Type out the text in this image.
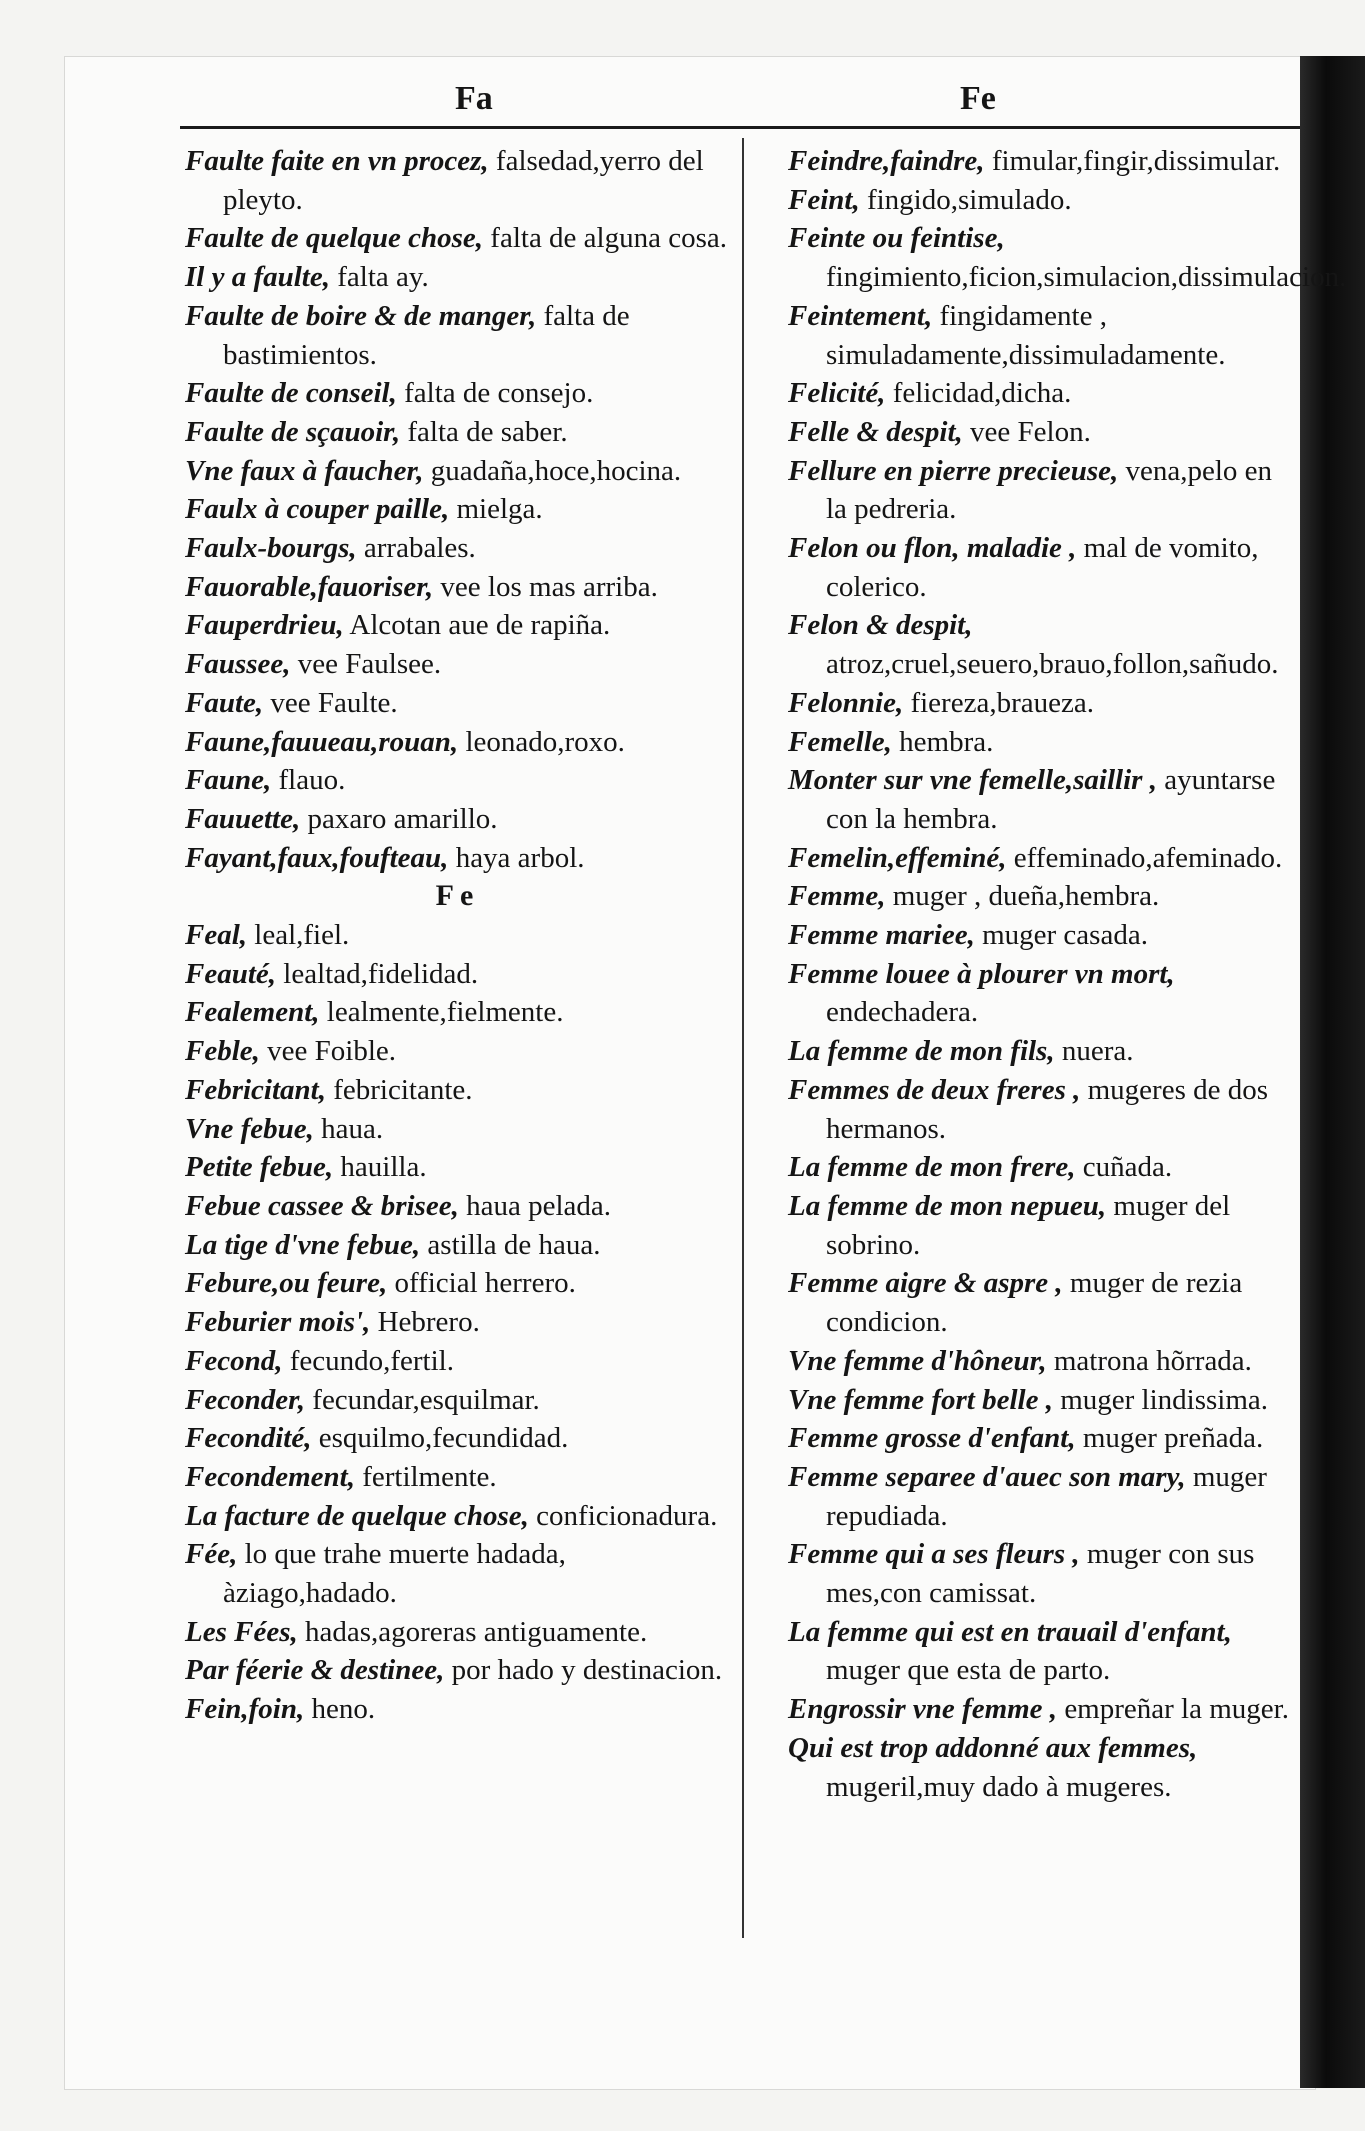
Fa	Fe

Faulte faite en vn procez, falsedad,yerro del pleyto.

Faulte de quelque chose, falta de alguna cosa.

Il y a faulte, falta ay.

Faulte de boire & de manger, falta de bastimientos.

Faulte de conseil, falta de consejo.

Faulte de sçauoir, falta de saber.

Vne faux à faucher, guadaña,hoce,hocina.

Faulx à couper paille, mielga.

Faulx-bourgs, arrabales.

Fauorable,fauoriser, vee los mas arriba.

Fauperdrieu, Alcotan aue de rapiña.

Faussee, vee Faulsee.

Faute, vee Faulte.

Faune,fauueau,rouan, leonado,roxo.

Faune, flauo.

Fauuette, paxaro amarillo.

Fayant,faux,foufteau, haya arbol.

Fe

Feal, leal,fiel.

Feauté, lealtad,fidelidad.

Fealement, lealmente,fielmente.

Feble, vee Foible.

Febricitant, febricitante.

Vne febue, haua.

Petite febue, hauilla.

Febue cassee & brisee, haua pelada.

La tige d'vne febue, astilla de haua.

Febure,ou feure, official herrero.

Feburier mois', Hebrero.

Fecond, fecundo,fertil.

Feconder, fecundar,esquilmar.

Fecondité, esquilmo,fecundidad.

Fecondement, fertilmente.

La facture de quelque chose, conficionadura.

Fée, lo que trahe muerte hadada, àziago,hadado.

Les Fées, hadas,agoreras antiguamente.

Par féerie & destinee, por hado y destinacion.

Fein,foin, heno.

Feindre,faindre, fimular,fingir,dissimular.

Feint, fingido,simulado.

Feinte ou feintise, fingimiento,ficion,simulacion,dissimulacion.

Feintement, fingidamente , simuladamente,dissimuladamente.

Felicité, felicidad,dicha.

Felle & despit, vee Felon.

Fellure en pierre precieuse, vena,pelo en la pedreria.

Felon ou flon, maladie , mal de vomito, colerico.

Felon & despit, atroz,cruel,seuero,brauo,follon,sañudo.

Felonnie, fiereza,braueza.

Femelle, hembra.

Monter sur vne femelle,saillir , ayuntarse con la hembra.

Femelin,effeminé, effeminado,afeminado.

Femme, muger , dueña,hembra.

Femme mariee, muger casada.

Femme louee à plourer vn mort, endechadera.

La femme de mon fils, nuera.

Femmes de deux freres , mugeres de dos hermanos.

La femme de mon frere, cuñada.

La femme de mon nepueu, muger del sobrino.

Femme aigre & aspre , muger de rezia condicion.

Vne femme d'hôneur, matrona hõrrada.

Vne femme fort belle , muger lindissima.

Femme grosse d'enfant, muger preñada.

Femme separee d'auec son mary, muger repudiada.

Femme qui a ses fleurs , muger con sus mes,con camissat.

La femme qui est en trauail d'enfant, muger que esta de parto.

Engrossir vne femme , empreñar la muger.

Qui est trop addonné aux femmes, mugeril,muy dado à mugeres.
